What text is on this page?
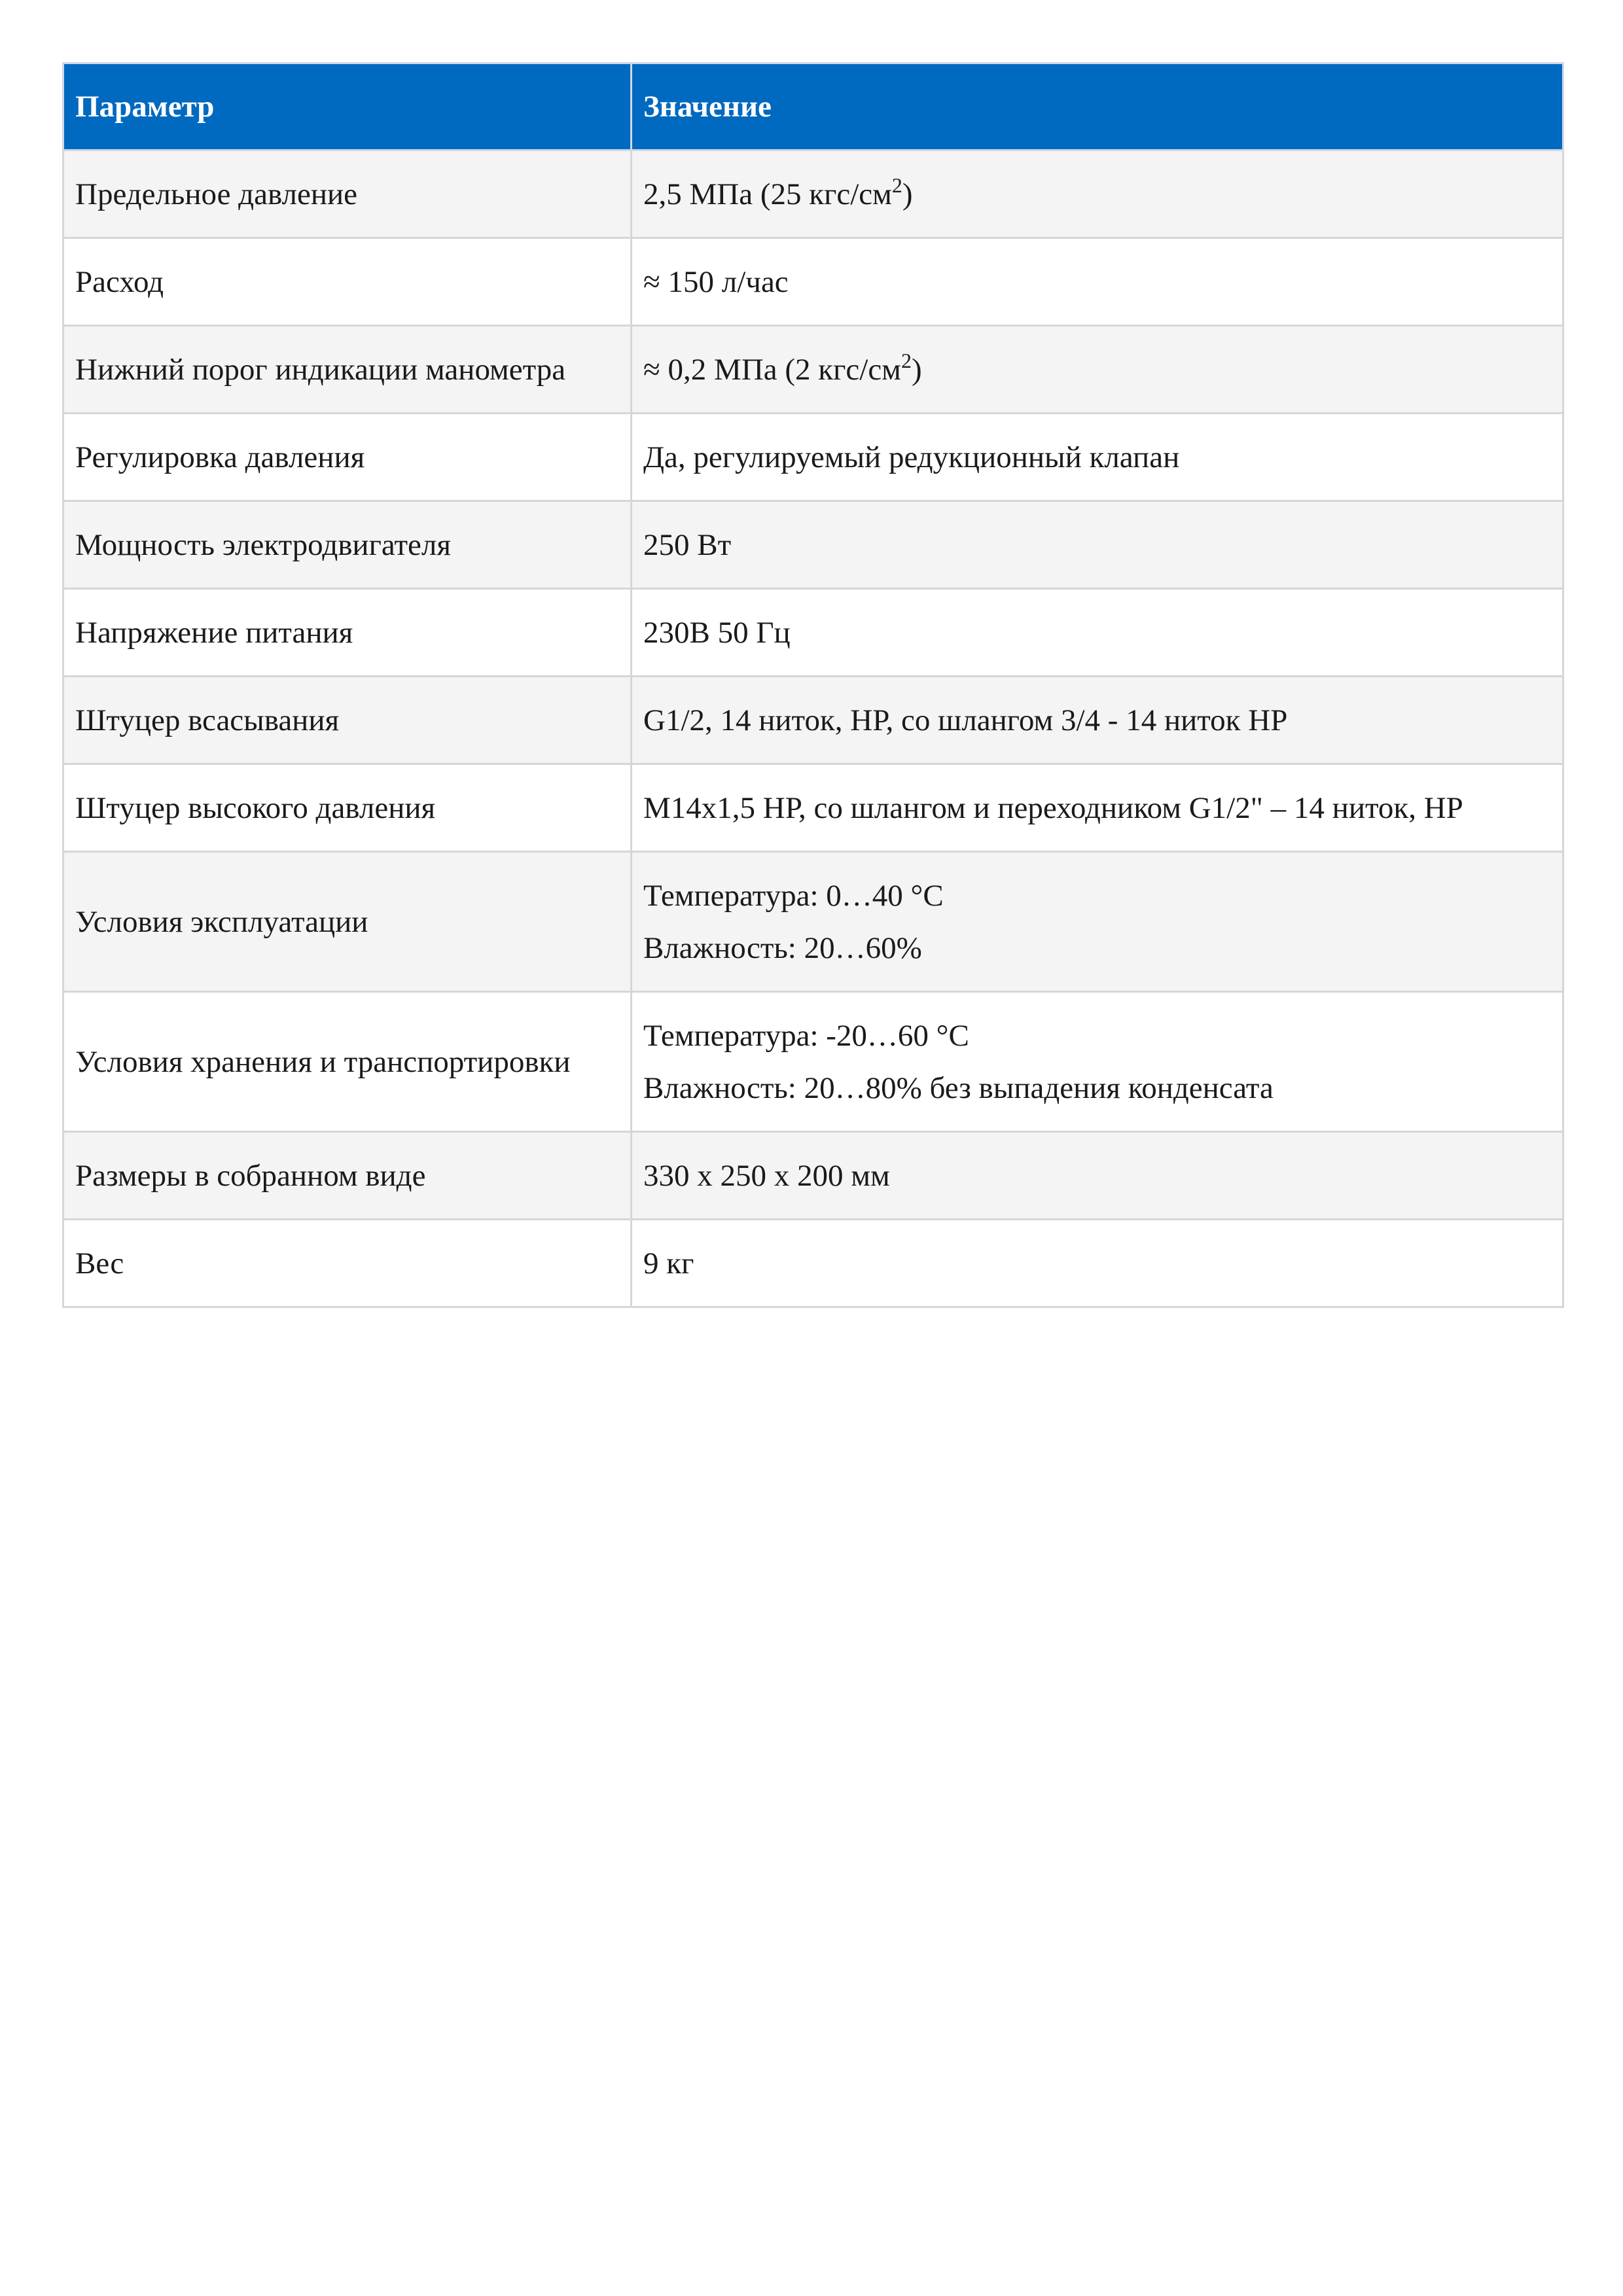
Параметр	Значение
Предельное давление	2,5 МПа (25 кгс/$см^2$)
Расход	≈ 150 л/час
Нижний порог индикации манометра	≈ 0,2 МПа (2 кгс/$см^2$)
Регулировка давления	Да, регулируемый редукционный клапан
Мощность электродвигателя	250 Вт
Напряжение питания	230В 50 Гц
Штуцер всасывания	G1/2, 14 ниток, НР, со шлангом 3/4 - 14 ниток НР
Штуцер высокого давления	М14x1,5 НР, со шлангом и переходником G1/2" – 14 ниток, НР
Условия эксплуатации	Температура: 0…40 °С
Влажность: 20…60%

Условия хранения и транспортировки	Температура: -20…60 °С
Влажность: 20…80% без выпадения конденсата

Размеры в собранном виде	330 х 250 х 200 мм
Вес	9 кг
